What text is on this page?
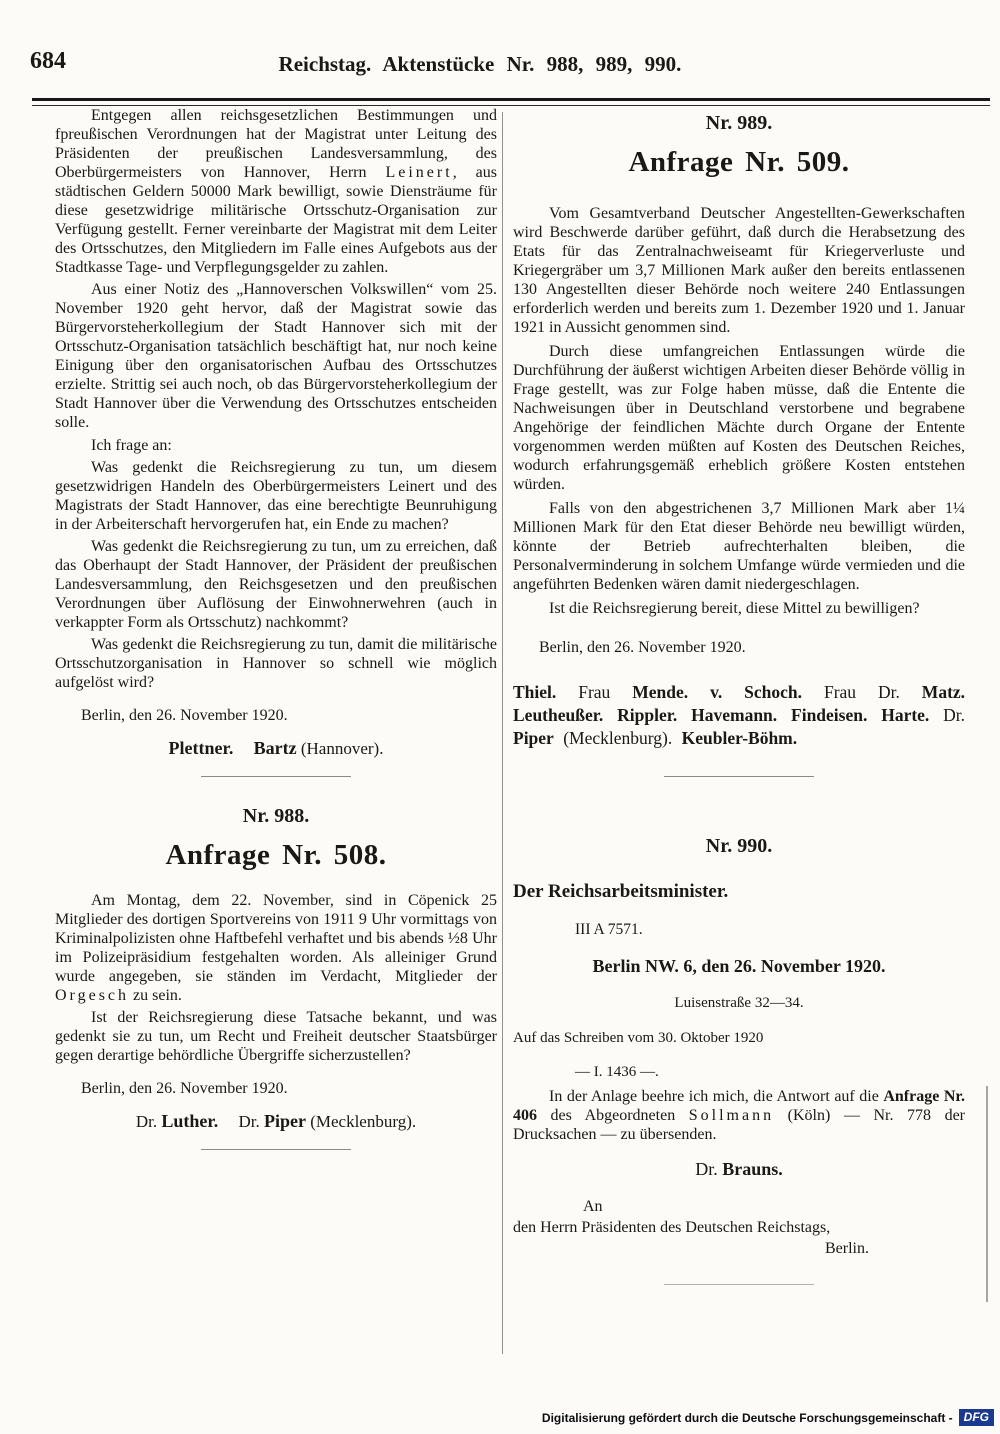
684	Reichstag. Aktenstücke Nr. 988, 989, 990.

Entgegen allen reichsgesetzlichen Bestimmungen und fpreußischen Verordnungen hat der Magistrat unter Leitung des Präsidenten der preußischen Landesversammlung, des Oberbürgermeisters von Hannover, Herrn Leinert, aus städtischen Geldern 50000 Mark bewilligt, sowie Diensträume für diese gesetzwidrige militärische Ortsschutz-Organisation zur Verfügung gestellt. Ferner vereinbarte der Magistrat mit dem Leiter des Ortsschutzes, den Mitgliedern im Falle eines Aufgebots aus der Stadtkasse Tage- und Verpflegungsgelder zu zahlen.

Aus einer Notiz des „Hannoverschen Volkswillen“ vom 25. November 1920 geht hervor, daß der Magistrat sowie das Bürgervorsteherkollegium der Stadt Hannover sich mit der Ortsschutz-Organisation tatsächlich beschäftigt hat, nur noch keine Einigung über den organisatorischen Aufbau des Ortsschutzes erzielte. Strittig sei auch noch, ob das Bürgervorsteherkollegium der Stadt Hannover über die Verwendung des Ortsschutzes entscheiden solle.

Ich frage an:

Was gedenkt die Reichsregierung zu tun, um diesem gesetzwidrigen Handeln des Oberbürgermeisters Leinert und des Magistrats der Stadt Hannover, das eine berechtigte Beunruhigung in der Arbeiterschaft hervorgerufen hat, ein Ende zu machen?

Was gedenkt die Reichsregierung zu tun, um zu erreichen, daß das Oberhaupt der Stadt Hannover, der Präsident der preußischen Landesversammlung, den Reichsgesetzen und den preußischen Verordnungen über Auflösung der Einwohnerwehren (auch in verkappter Form als Ortsschutz) nachkommt?

Was gedenkt die Reichsregierung zu tun, damit die militärische Ortsschutzorganisation in Hannover so schnell wie möglich aufgelöst wird?

Berlin, den 26. November 1920.

Plettner. Bartz (Hannover).

Nr. 988.
Anfrage Nr. 508.

Am Montag, dem 22. November, sind in Cöpenick 25 Mitglieder des dortigen Sportvereins von 1911 9 Uhr vormittags von Kriminalpolizisten ohne Haftbefehl verhaftet und bis abends ½8 Uhr im Polizeipräsidium festgehalten worden. Als alleiniger Grund wurde angegeben, sie ständen im Verdacht, Mitglieder der Orgesch zu sein.

Ist der Reichsregierung diese Tatsache bekannt, und was gedenkt sie zu tun, um Recht und Freiheit deutscher Staatsbürger gegen derartige behördliche Übergriffe sicherzustellen?

Berlin, den 26. November 1920.

Dr. Luther. Dr. Piper (Mecklenburg).

Nr. 989.
Anfrage Nr. 509.

Vom Gesamtverband Deutscher Angestellten-Gewerkschaften wird Beschwerde darüber geführt, daß durch die Herabsetzung des Etats für das Zentralnachweiseamt für Kriegerverluste und Kriegergräber um 3,7 Millionen Mark außer den bereits entlassenen 130 Angestellten dieser Behörde noch weitere 240 Entlassungen erforderlich werden und bereits zum 1. Dezember 1920 und 1. Januar 1921 in Aussicht genommen sind.

Durch diese umfangreichen Entlassungen würde die Durchführung der äußerst wichtigen Arbeiten dieser Behörde völlig in Frage gestellt, was zur Folge haben müsse, daß die Entente die Nachweisungen über in Deutschland verstorbene und begrabene Angehörige der feindlichen Mächte durch Organe der Entente vorgenommen werden müßten auf Kosten des Deutschen Reiches, wodurch erfahrungsgemäß erheblich größere Kosten entstehen würden.

Falls von den abgestrichenen 3,7 Millionen Mark aber 1¼ Millionen Mark für den Etat dieser Behörde neu bewilligt würden, könnte der Betrieb aufrechterhalten bleiben, die Personalverminderung in solchem Umfange würde vermieden und die angeführten Bedenken wären damit niedergeschlagen.

Ist die Reichsregierung bereit, diese Mittel zu bewilligen?

Berlin, den 26. November 1920.

Thiel. Frau Mende. v. Schoch. Frau Dr. Matz. Leutheußer. Rippler. Havemann. Findeisen. Harte. Dr. Piper (Mecklenburg). Keubler-Böhm.

Nr. 990.

Der Reichsarbeitsminister.

III A 7571.

Berlin NW. 6, den 26. November 1920.

Luisenstraße 32—34.

Auf das Schreiben vom 30. Oktober 1920

— I. 1436 —.

In der Anlage beehre ich mich, die Antwort auf die Anfrage Nr. 406 des Abgeordneten Sollmann (Köln) — Nr. 778 der Drucksachen — zu übersenden.

Dr. Brauns.

An

den Herrn Präsidenten des Deutschen Reichstags,

Berlin.

Digitalisierung gefördert durch die Deutsche Forschungsgemeinschaft - DFG
